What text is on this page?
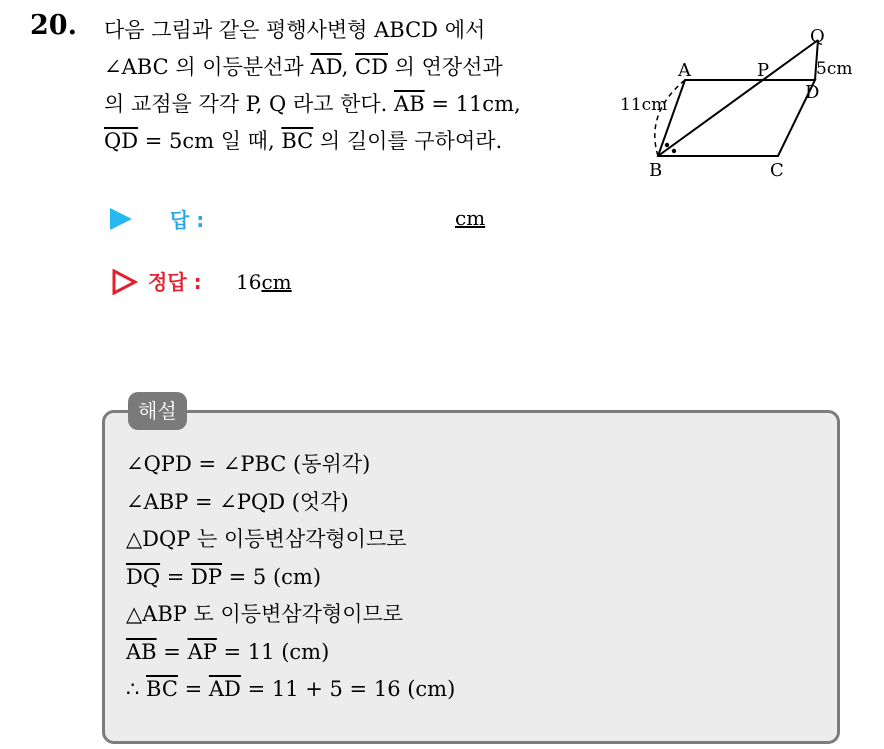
20. 다음 그림과 같은 평행사변형 ABCD 에서
∠ABC 의 이등분선과 $\overline{AD}$, $\overline{CD}$ 의 연장선과
의 교점을 각각 P, Q 라고 한다. $\overline{AB} = 11cm$,
$\overline{QD} = 5cm$ 일 때, $\overline{BC}$ 의 길이를 구하여라.
Q
A	P
D
B	C
5cm
11cm
답 :	cm
정답 : 16cm
해설
∠QPD = ∠PBC (동위각)
∠ABP = ∠PQD (엇각)
△DQP 는 이등변삼각형이므로
$\overline{DQ} = \overline{DP} = 5$ (cm)
△ABP 도 이등변삼각형이므로
$\overline{AB} = \overline{AP} = 11$ (cm)
∴ $\overline{BC} = \overline{AD} = 11 + 5 = 16$ (cm)
